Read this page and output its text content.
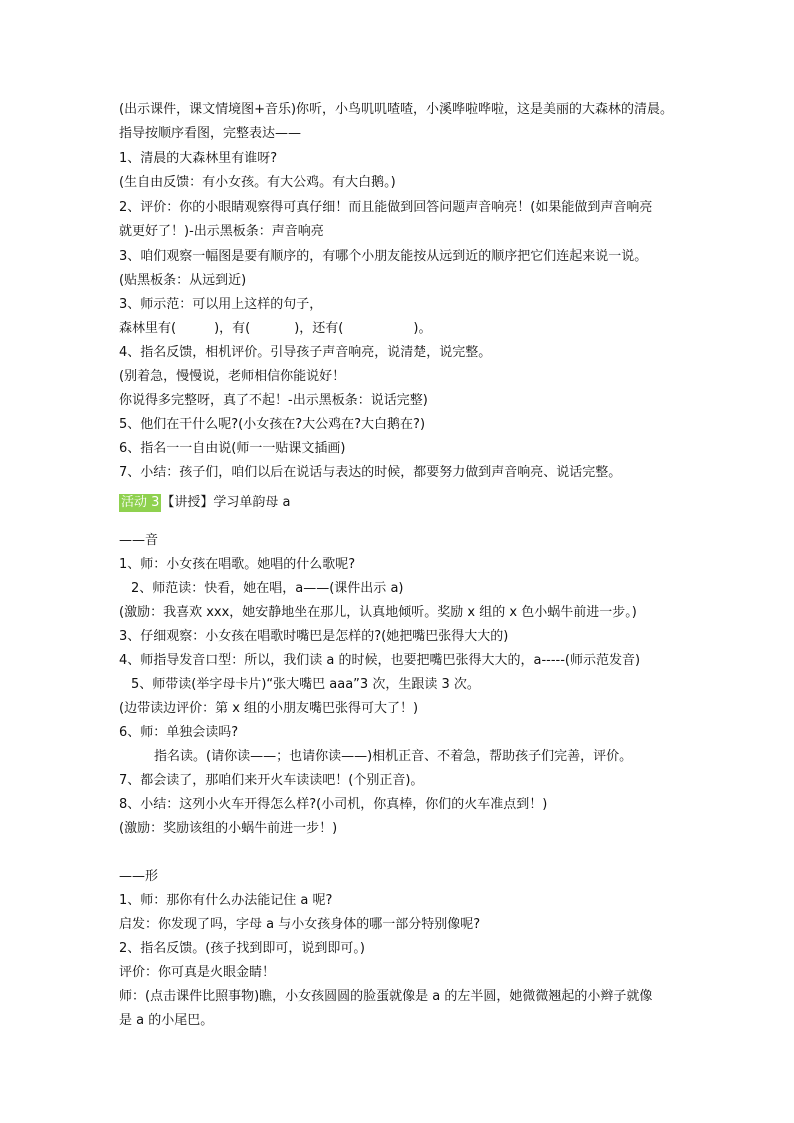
(出示课件，课文情境图+音乐)你听，小鸟叽叽喳喳，小溪哗啦哗啦，这是美丽的大森林的清晨。
指导按顺序看图，完整表达——
1、清晨的大森林里有谁呀?
(生自由反馈：有小女孩。有大公鸡。有大白鹅。)
2、评价：你的小眼睛观察得可真仔细！而且能做到回答问题声音响亮！(如果能做到声音响亮
就更好了！)-出示黑板条：声音响亮
3、咱们观察一幅图是要有顺序的，有哪个小朋友能按从远到近的顺序把它们连起来说一说。
(贴黑板条：从远到近)
3、师示范：可以用上这样的句子，
森林里有(	)，有(	)，还有(	)。
4、指名反馈，相机评价。引导孩子声音响亮，说清楚，说完整。
(别着急，慢慢说，老师相信你能说好！
你说得多完整呀，真了不起！-出示黑板条：说话完整)
5、他们在干什么呢?(小女孩在?大公鸡在?大白鹅在?)
6、指名一一自由说(师一一贴课文插画)
7、小结：孩子们，咱们以后在说话与表达的时候，都要努力做到声音响亮、说话完整。
活动 3 【讲授】学习单韵母 a
——音
1、师：小女孩在唱歌。她唱的什么歌呢?
2、师范读：快看，她在唱，a——(课件出示 a)
(激励：我喜欢 xxx，她安静地坐在那儿，认真地倾听。奖励 x 组的 x 色小蜗牛前进一步。)
3、仔细观察：小女孩在唱歌时嘴巴是怎样的?(她把嘴巴张得大大的)
4、师指导发音口型：所以，我们读 a 的时候，也要把嘴巴张得大大的，a-----(师示范发音)
5、师带读(举字母卡片)“张大嘴巴 aaa”3 次，生跟读 3 次。
(边带读边评价：第 x 组的小朋友嘴巴张得可大了！)
6、师：单独会读吗?
指名读。(请你读——；也请你读——)相机正音、不着急，帮助孩子们完善，评价。
7、都会读了，那咱们来开火车读读吧！(个别正音)。
8、小结：这列小火车开得怎么样?(小司机，你真棒，你们的火车准点到！)
(激励：奖励该组的小蜗牛前进一步！)
——形
1、师：那你有什么办法能记住 a 呢?
启发：你发现了吗，字母 a 与小女孩身体的哪一部分特别像呢?
2、指名反馈。(孩子找到即可，说到即可。)
评价：你可真是火眼金睛！
师：(点击课件比照事物)瞧，小女孩圆圆的脸蛋就像是 a 的左半圆，她微微翘起的小辫子就像
是 a 的小尾巴。
